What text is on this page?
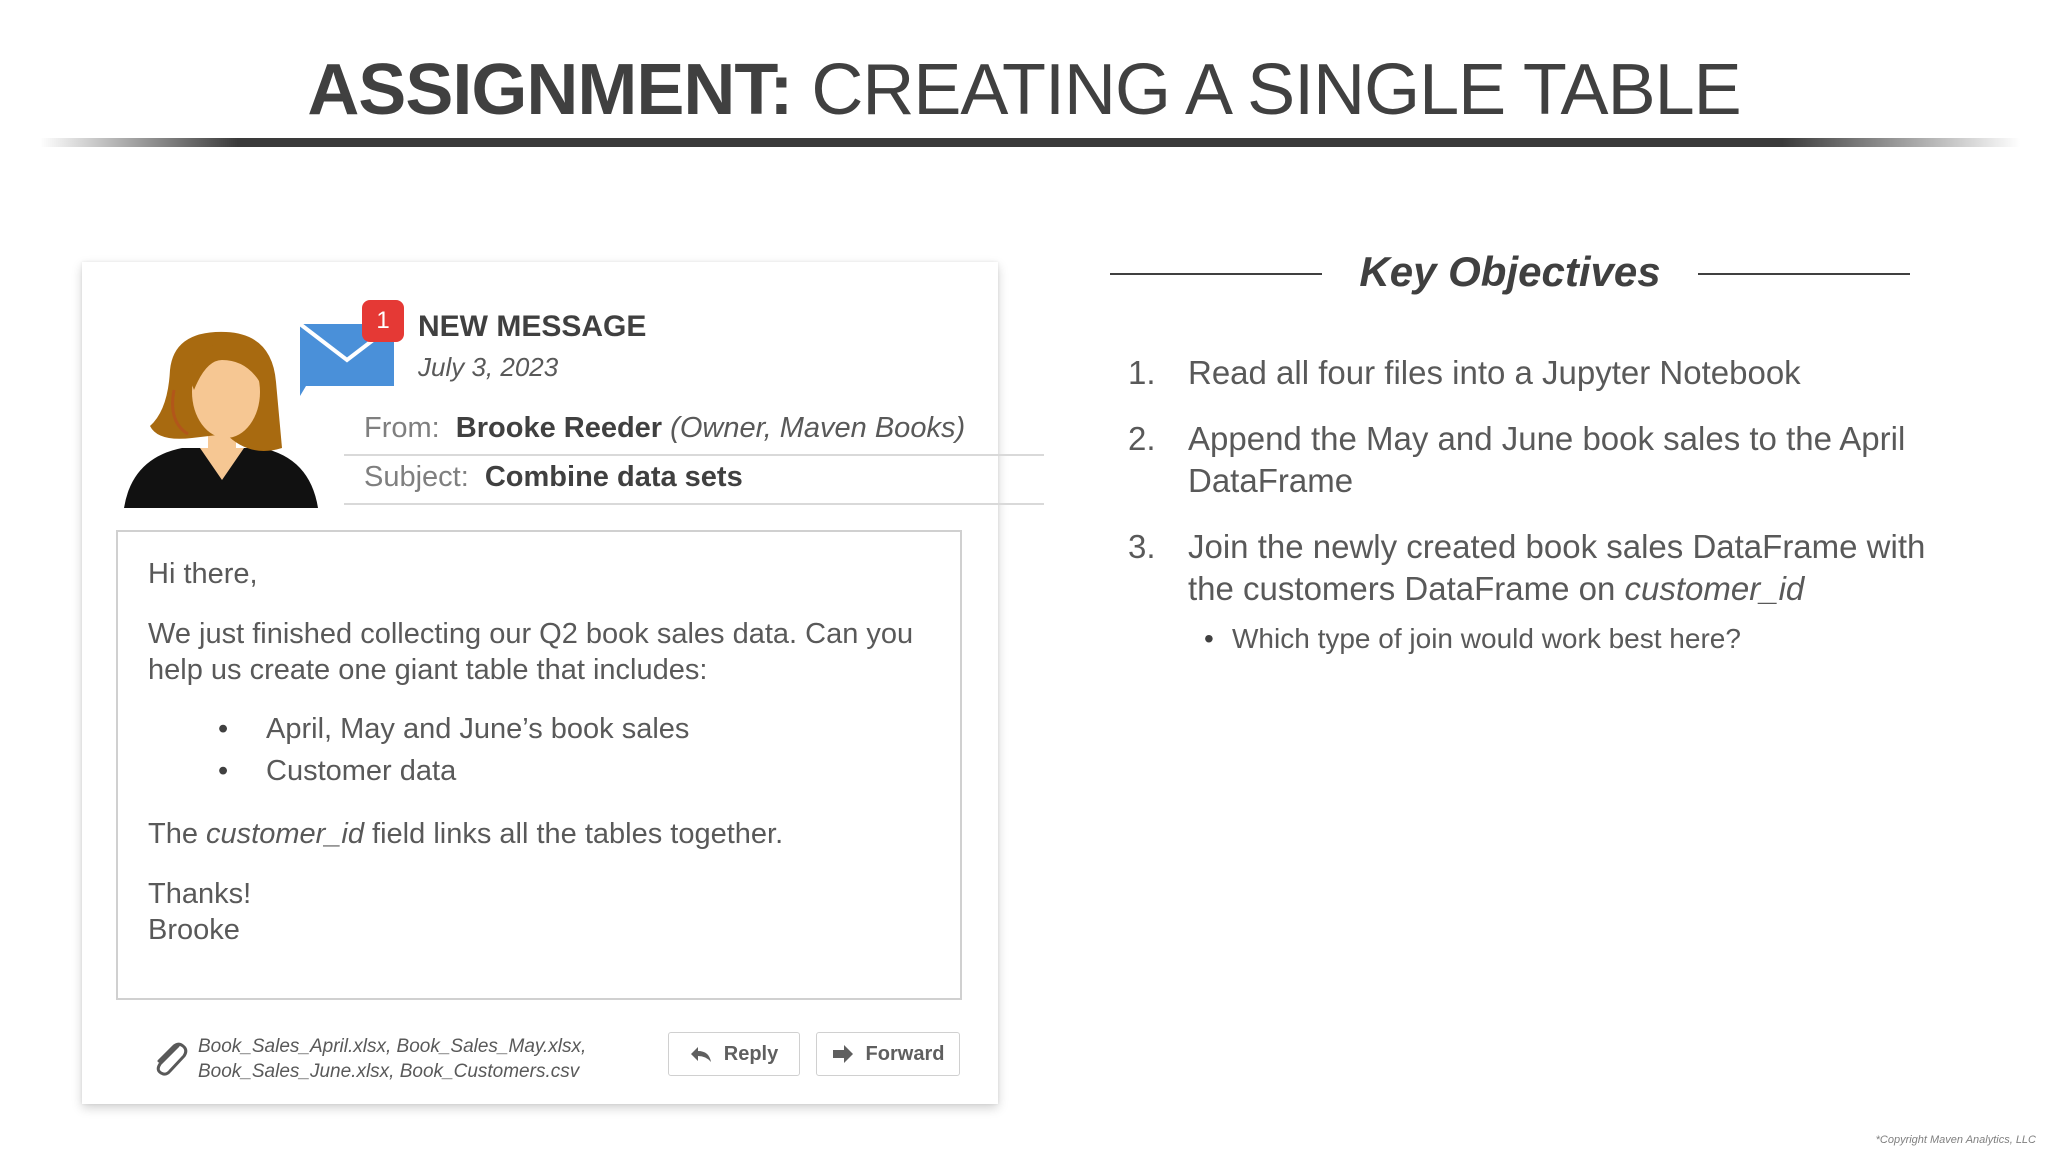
ASSIGNMENT: CREATING A SINGLE TABLE
1 NEW MESSAGE
July 3, 2023
From: Brooke Reeder (Owner, Maven Books)
Subject: Combine data sets

Hi there,

We just finished collecting our Q2 book sales data. Can you help us create one giant table that includes:

• April, May and June’s book sales
• Customer data

The customer_id field links all the tables together.

Thanks!
Brooke
Book_Sales_April.xlsx, Book_Sales_May.xlsx,
Book_Sales_June.xlsx, Book_Customers.csv
Reply	Forward
Key Objectives
1. Read all four files into a Jupyter Notebook
2. Append the May and June book sales to the April DataFrame
3. Join the newly created book sales DataFrame with the customers DataFrame on customer_id
• Which type of join would work best here?
*Copyright Maven Analytics, LLC
